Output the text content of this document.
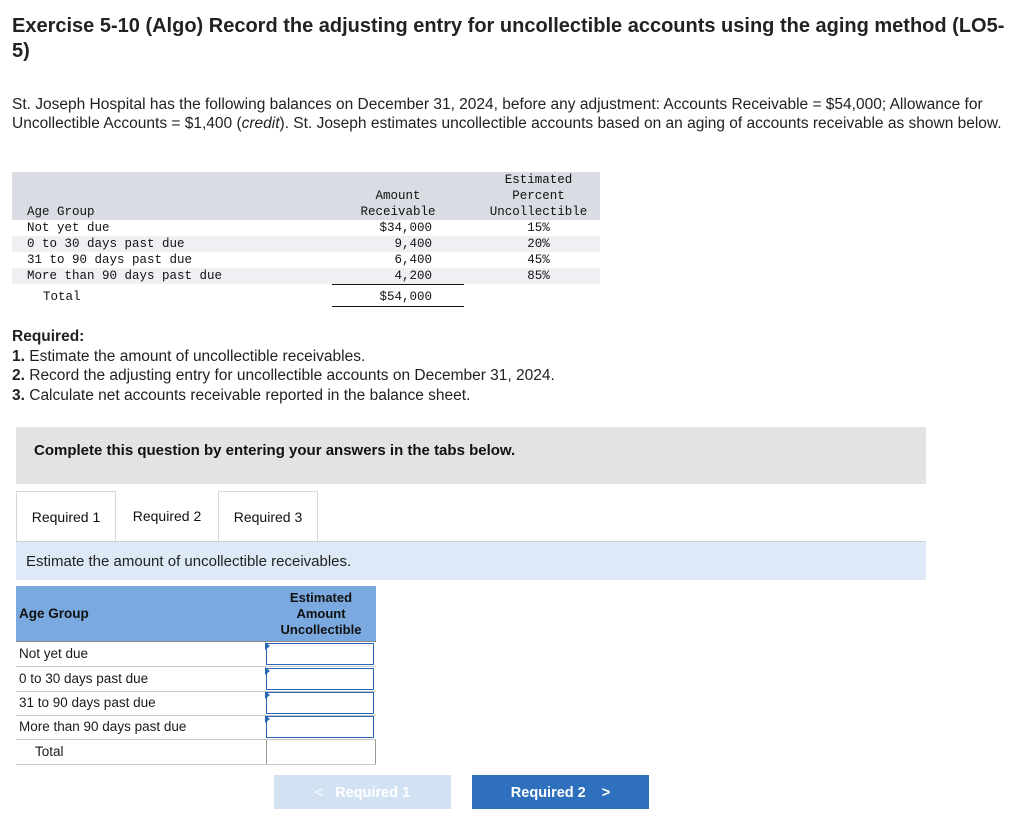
Exercise 5-10 (Algo) Record the adjusting entry for uncollectible accounts using the aging method (LO5-5)
St. Joseph Hospital has the following balances on December 31, 2024, before any adjustment: Accounts Receivable = $54,000; Allowance for Uncollectible Accounts = $1,400 (credit). St. Joseph estimates uncollectible accounts based on an aging of accounts receivable as shown below.
Age Group
Amount
Receivable
Estimated
Percent
Uncollectible
Not yet due	$34,000	15%
0 to 30 days past due	9,400	20%
31 to 90 days past due	6,400	45%
More than 90 days past due	4,200	85%
Total	$54,000
Required:
1. Estimate the amount of uncollectible receivables.
2. Record the adjusting entry for uncollectible accounts on December 31, 2024.
3. Calculate net accounts receivable reported in the balance sheet.
Complete this question by entering your answers in the tabs below.
Required 1	Required 2	Required 3
Estimate the amount of uncollectible receivables.
Age Group
Estimated
Amount
Uncollectible
Not yet due
0 to 30 days past due
31 to 90 days past due
More than 90 days past due
Total
< Required 1	Required 2 >
